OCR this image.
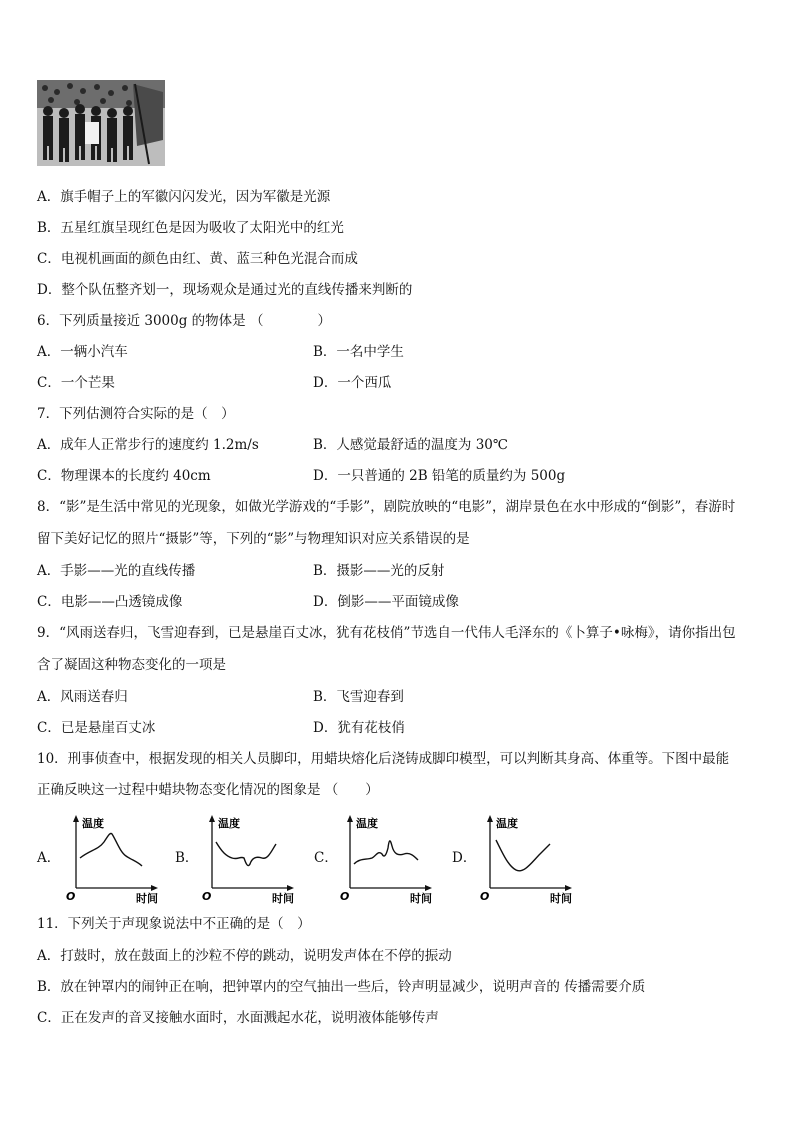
A．旗手帽子上的军徽闪闪发光，因为军徽是光源
B．五星红旗呈现红色是因为吸收了太阳光中的红光
C．电视机画面的颜色由红、黄、蓝三种色光混合而成
D．整个队伍整齐划一，现场观众是通过光的直线传播来判断的
6．下列质量接近 3000g 的物体是 （　　　　）
A．一辆小汽车	B．一名中学生
C．一个芒果	D．一个西瓜
7．下列估测符合实际的是（　）
A．成年人正常步行的速度约 1.2m/s	B．人感觉最舒适的温度为 30℃
C．物理课本的长度约 40cm	D．一只普通的 2B 铅笔的质量约为 500g
8．“影”是生活中常见的光现象，如做光学游戏的“手影”，剧院放映的“电影”，湖岸景色在水中形成的“倒影”，春游时
留下美好记忆的照片“摄影”等，下列的“影”与物理知识对应关系错误的是
A．手影——光的直线传播	B．摄影——光的反射
C．电影——凸透镜成像	D．倒影——平面镜成像
9．“风雨送春归，飞雪迎春到，已是悬崖百丈冰，犹有花枝俏”节选自一代伟人毛泽东的《卜算子•咏梅》，请你指出包
含了凝固这种物态变化的一项是
A．风雨送春归	B．飞雪迎春到
C．已是悬崖百丈冰	D．犹有花枝俏
10．刑事侦查中，根据发现的相关人员脚印，用蜡块熔化后浇铸成脚印模型，可以判断其身高、体重等。下图中最能
正确反映这一过程中蜡块物态变化情况的图象是 （　　）
A．	B．	C．	D．
温度
时间
O
温度
时间
O
温度
时间
O
温度
时间
O
11．下列关于声现象说法中不正确的是（　）
A．打鼓时，放在鼓面上的沙粒不停的跳动，说明发声体在不停的振动
B．放在钟罩内的闹钟正在响，把钟罩内的空气抽出一些后，铃声明显减少，说明声音的 传播需要介质
C．正在发声的音叉接触水面时，水面溅起水花，说明液体能够传声
